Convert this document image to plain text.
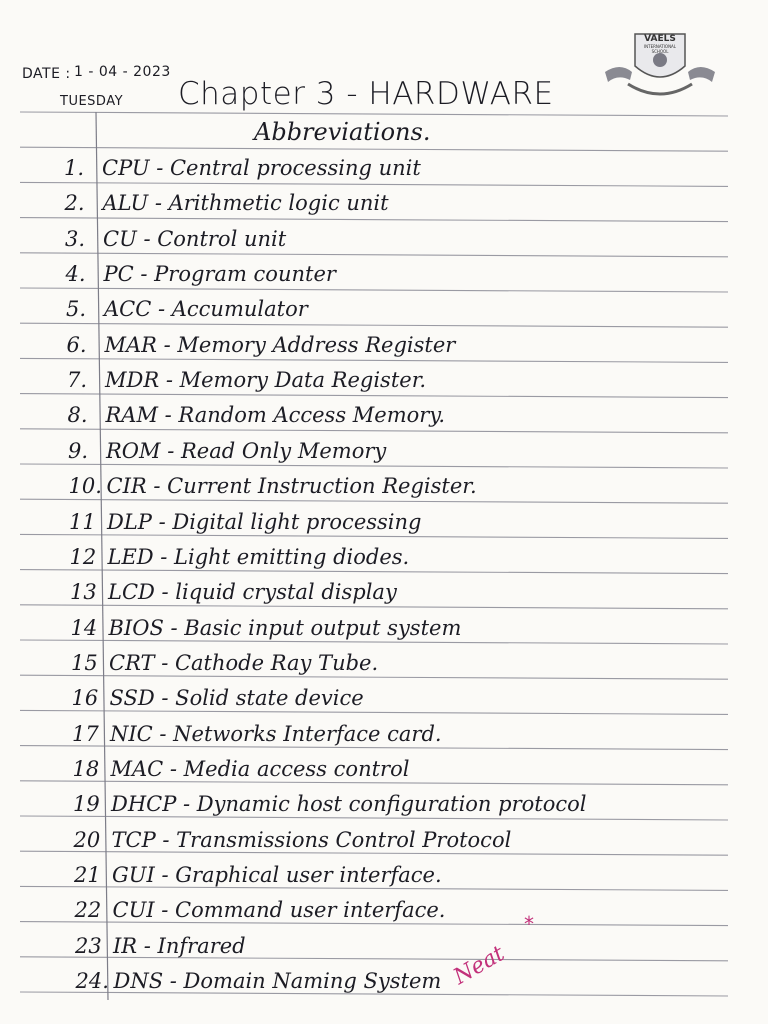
DATE : 1 - 04 - 2023
TUESDAY Chapter 3 - HARDWARE
Abbreviations.
VAELS
INTERNATIONAL
SCHOOL
1. CPU - Central processing unit
2. ALU - Arithmetic logic unit
3. CU - Control unit
4. PC - Program counter
5. ACC - Accumulator
6. MAR - Memory Address Register
7. MDR - Memory Data Register.
8. RAM - Random Access Memory.
9. ROM - Read Only Memory
10. CIR - Current Instruction Register.
11 DLP - Digital light processing
12 LED - Light emitting diodes.
13 LCD - liquid crystal display
14 BIOS - Basic input output system
15 CRT - Cathode Ray Tube.
16 SSD - Solid state device
17 NIC - Networks Interface card.
18 MAC - Media access control
19 DHCP - Dynamic host configuration protocol
20 TCP - Transmissions Control Protocol
21 GUI - Graphical user interface.
22 CUI - Command user interface.
23 IR - Infrared
24. DNS - Domain Naming System Neat
*
